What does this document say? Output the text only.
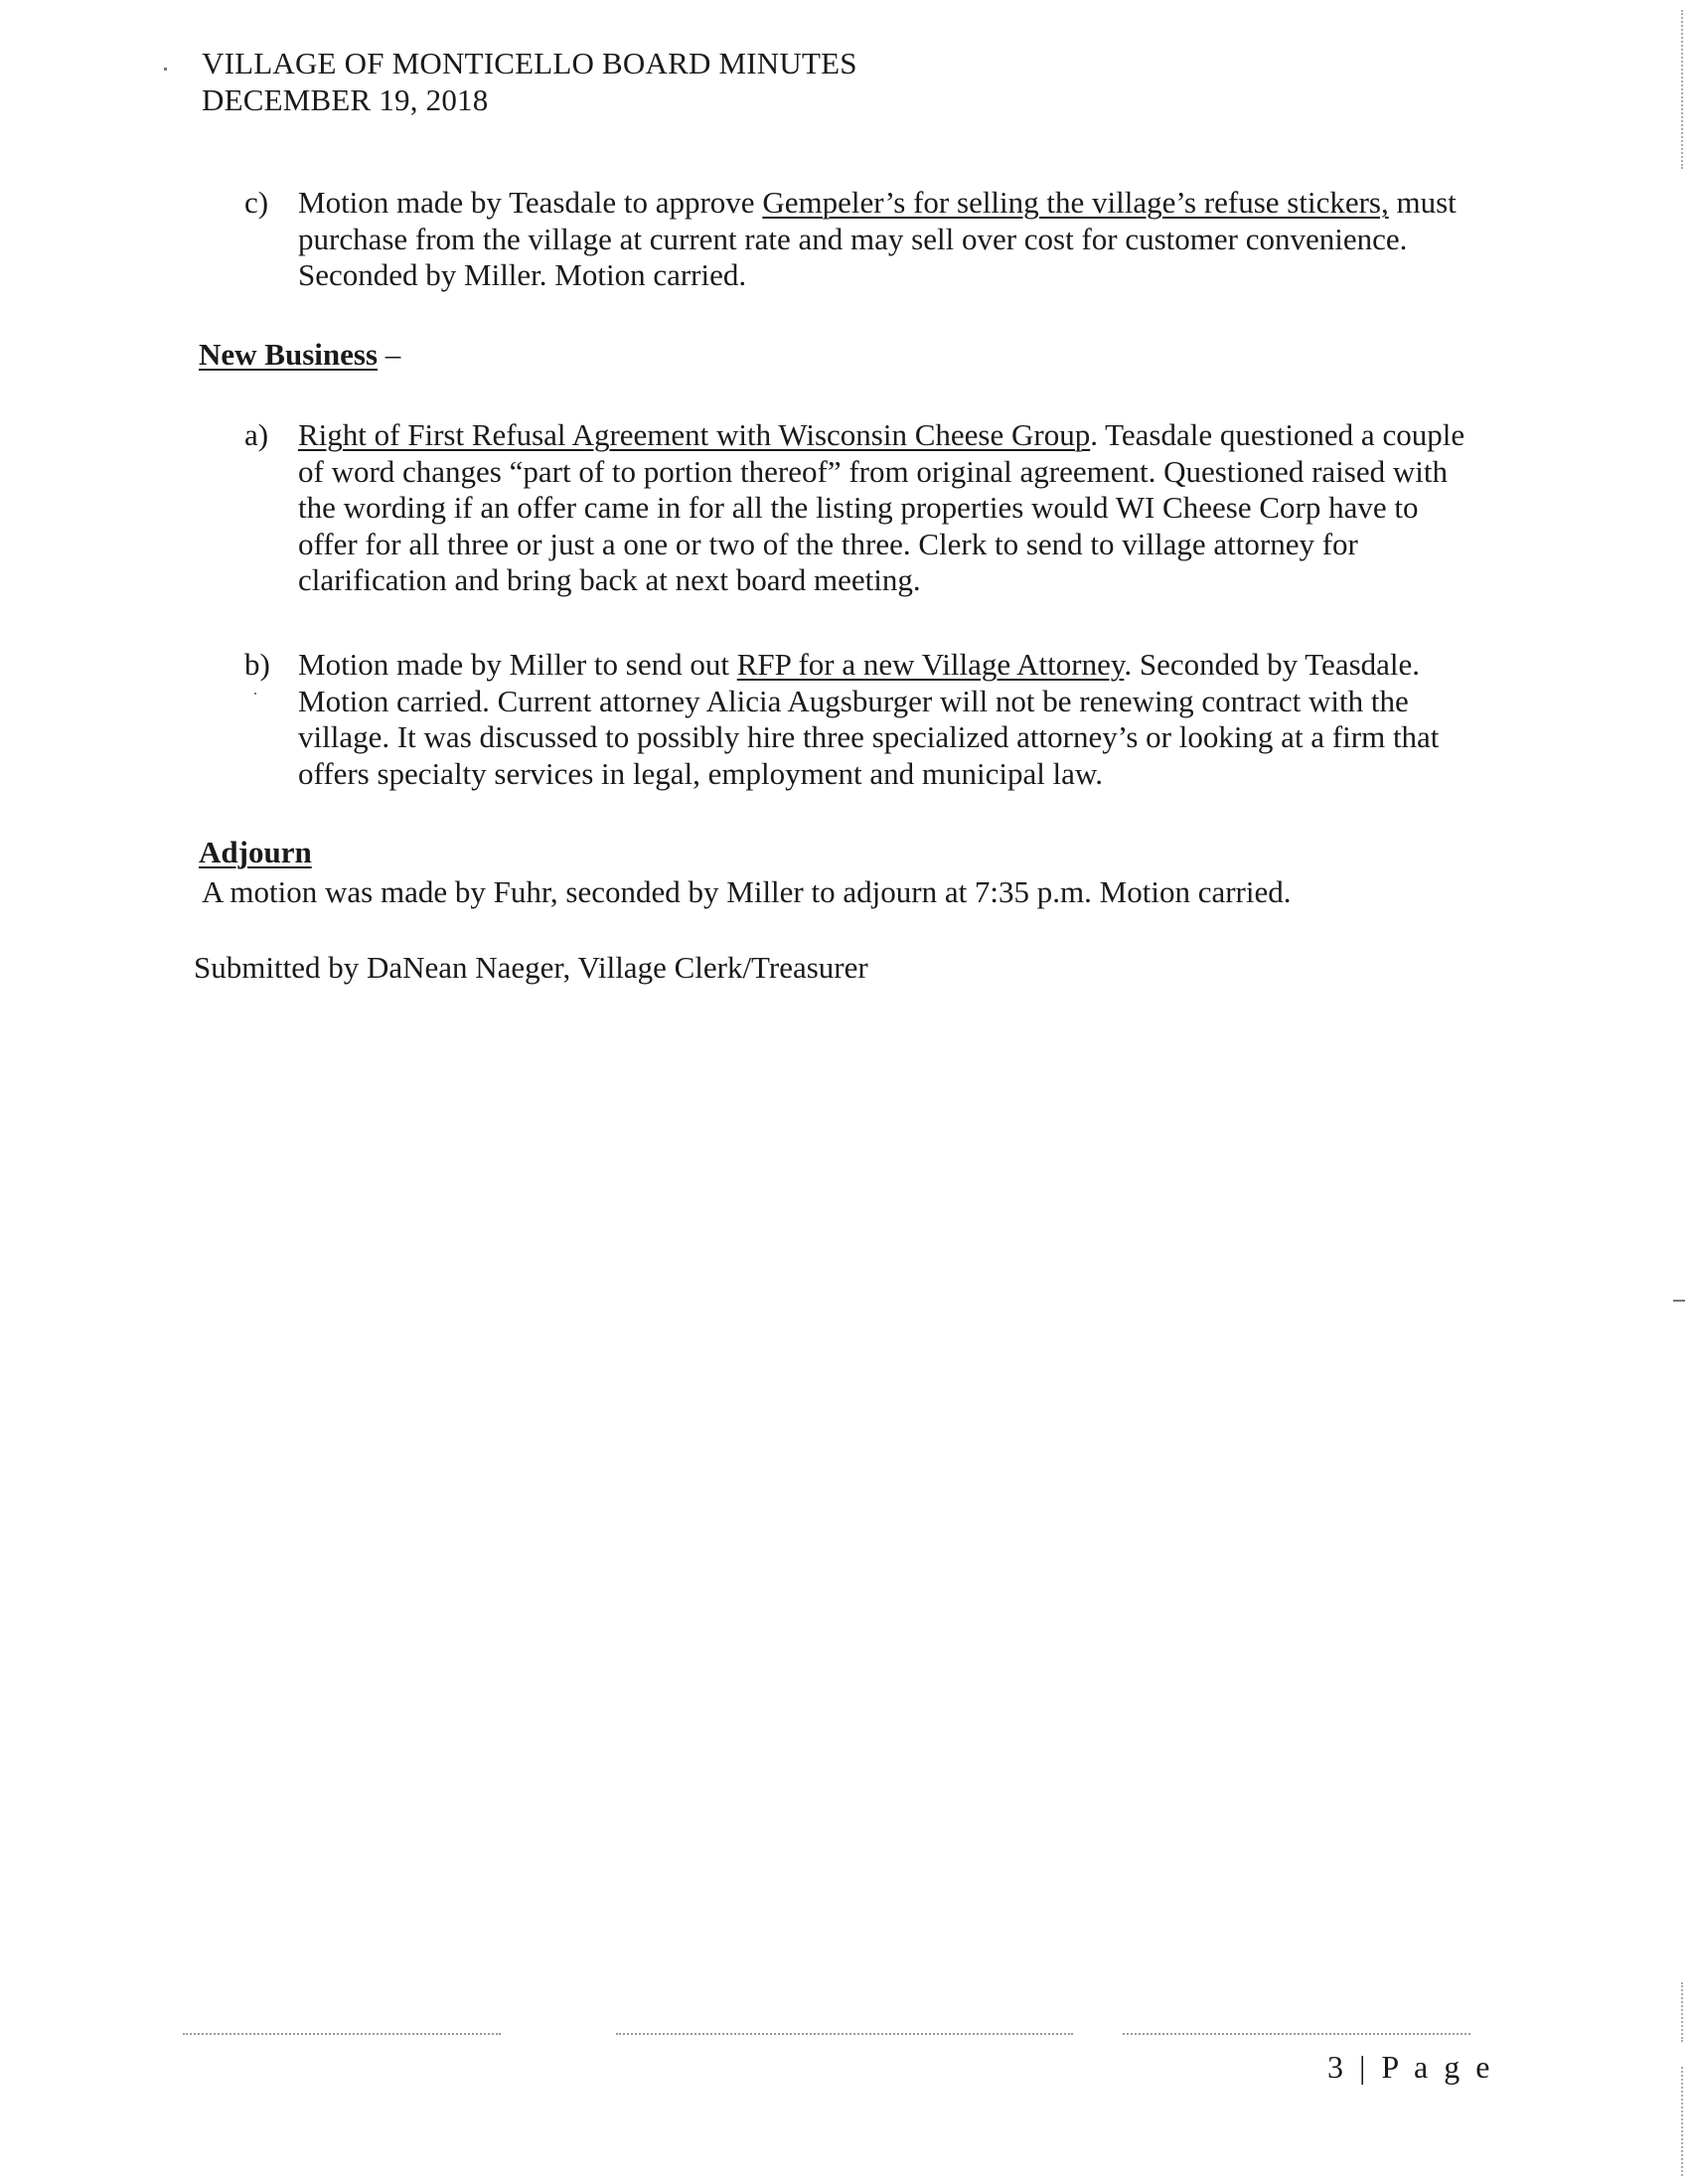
VILLAGE OF MONTICELLO BOARD MINUTES
DECEMBER 19, 2018
c) Motion made by Teasdale to approve Gempeler’s for selling the village’s refuse stickers, must purchase from the village at current rate and may sell over cost for customer convenience. Seconded by Miller. Motion carried.
New Business –
a) Right of First Refusal Agreement with Wisconsin Cheese Group. Teasdale questioned a couple of word changes “part of to portion thereof” from original agreement. Questioned raised with the wording if an offer came in for all the listing properties would WI Cheese Corp have to offer for all three or just a one or two of the three. Clerk to send to village attorney for clarification and bring back at next board meeting.
b) Motion made by Miller to send out RFP for a new Village Attorney. Seconded by Teasdale. Motion carried. Current attorney Alicia Augsburger will not be renewing contract with the village. It was discussed to possibly hire three specialized attorney’s or looking at a firm that offers specialty services in legal, employment and municipal law.
Adjourn
A motion was made by Fuhr, seconded by Miller to adjourn at 7:35 p.m. Motion carried.
Submitted by DaNean Naeger, Village Clerk/Treasurer
3 | P a g e
